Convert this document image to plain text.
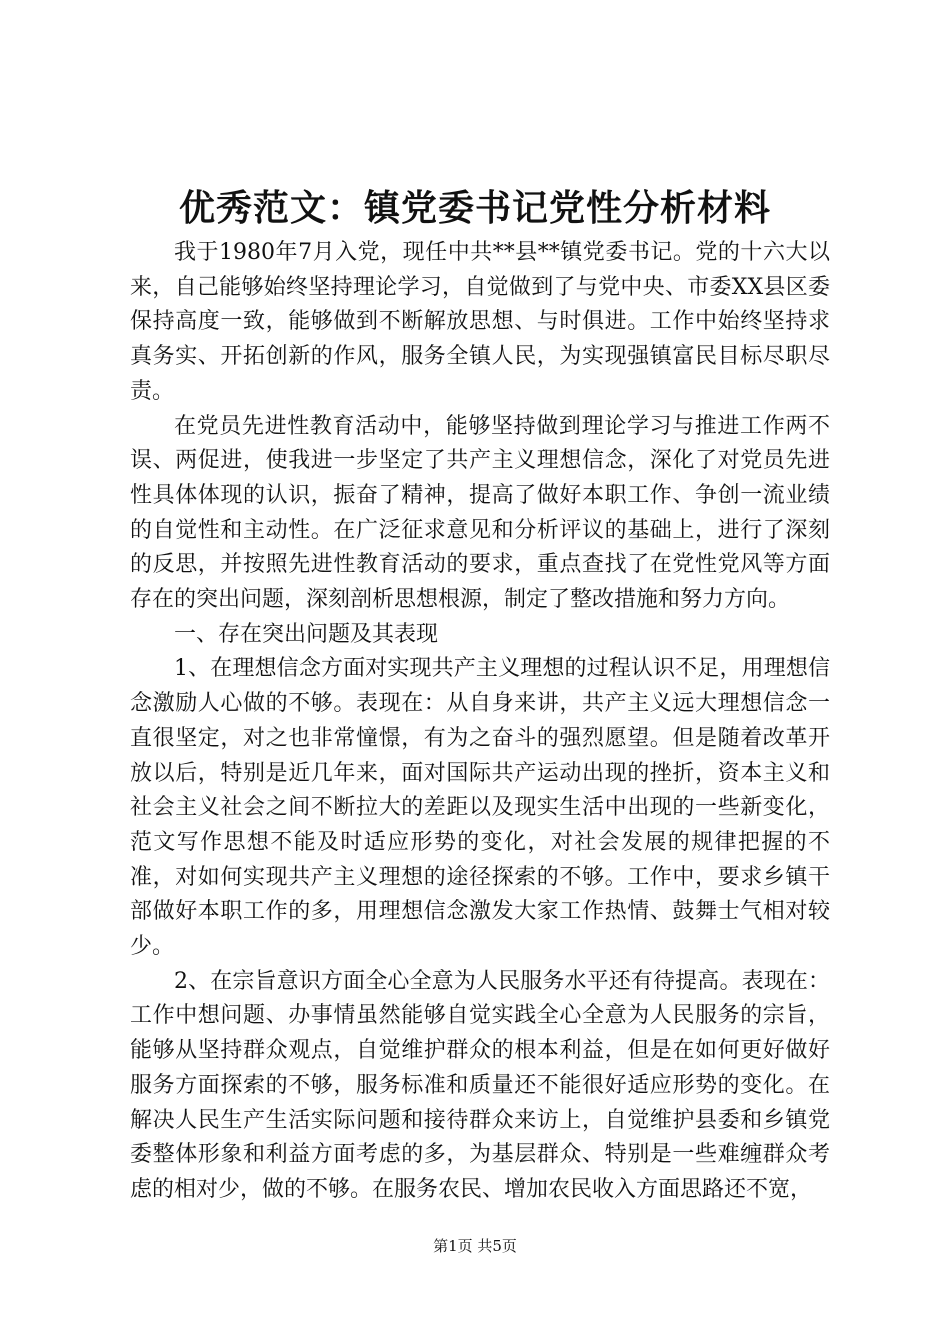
优秀范文：镇党委书记党性分析材料

我于1980年7月入党，现任中共**县**镇党委书记。党的十六大以来，自己能够始终坚持理论学习，自觉做到了与党中央、市委XX县区委保持高度一致，能够做到不断解放思想、与时俱进。工作中始终坚持求真务实、开拓创新的作风，服务全镇人民，为实现强镇富民目标尽职尽责。

在党员先进性教育活动中，能够坚持做到理论学习与推进工作两不误、两促进，使我进一步坚定了共产主义理想信念，深化了对党员先进性具体体现的认识，振奋了精神，提高了做好本职工作、争创一流业绩的自觉性和主动性。在广泛征求意见和分析评议的基础上，进行了深刻的反思，并按照先进性教育活动的要求，重点查找了在党性党风等方面存在的突出问题，深刻剖析思想根源，制定了整改措施和努力方向。

一、存在突出问题及其表现

1、在理想信念方面对实现共产主义理想的过程认识不足，用理想信念激励人心做的不够。表现在：从自身来讲，共产主义远大理想信念一直很坚定，对之也非常憧憬，有为之奋斗的强烈愿望。但是随着改革开放以后，特别是近几年来，面对国际共产运动出现的挫折，资本主义和社会主义社会之间不断拉大的差距以及现实生活中出现的一些新变化，范文写作思想不能及时适应形势的变化，对社会发展的规律把握的不准，对如何实现共产主义理想的途径探索的不够。工作中，要求乡镇干部做好本职工作的多，用理想信念激发大家工作热情、鼓舞士气相对较少。

2、在宗旨意识方面全心全意为人民服务水平还有待提高。表现在：工作中想问题、办事情虽然能够自觉实践全心全意为人民服务的宗旨，能够从坚持群众观点，自觉维护群众的根本利益，但是在如何更好做好服务方面探索的不够，服务标准和质量还不能很好适应形势的变化。在解决人民生产生活实际问题和接待群众来访上，自觉维护县委和乡镇党委整体形象和利益方面考虑的多，为基层群众、特别是一些难缠群众考虑的相对少，做的不够。在服务农民、增加农民收入方面思路还不宽，

第1页 共5页
